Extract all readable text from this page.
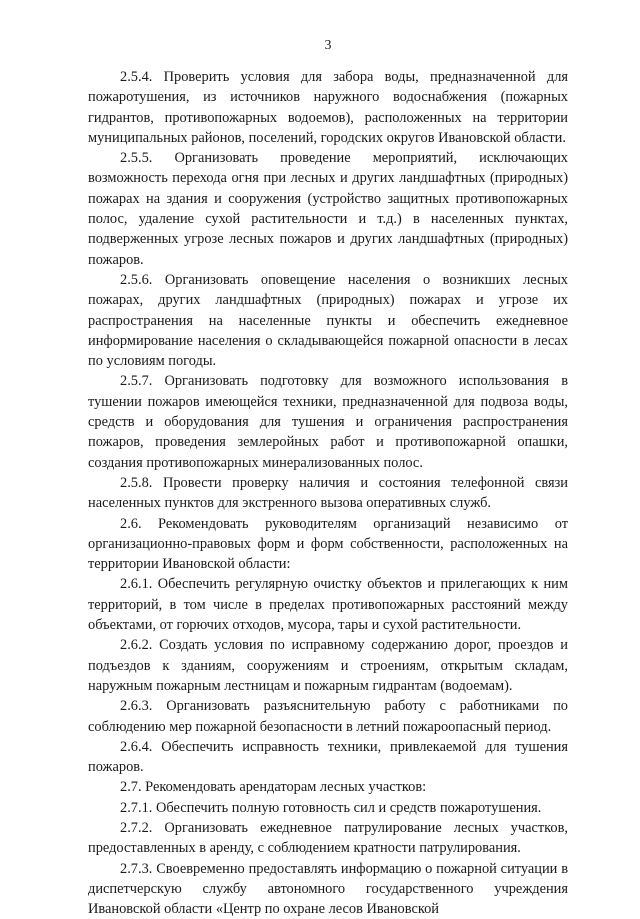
3

2.5.4. Проверить условия для забора воды, предназначенной для пожаротушения, из источников наружного водоснабжения (пожарных гидрантов, противопожарных водоемов), расположенных на территории муниципальных районов, поселений, городских округов Ивановской области.

2.5.5. Организовать проведение мероприятий, исключающих возможность перехода огня при лесных и других ландшафтных (природных) пожарах на здания и сооружения (устройство защитных противопожарных полос, удаление сухой растительности и т.д.) в населенных пунктах, подверженных угрозе лесных пожаров и других ландшафтных (природных) пожаров.

2.5.6. Организовать оповещение населения о возникших лесных пожарах, других ландшафтных (природных) пожарах и угрозе их распространения на населенные пункты и обеспечить ежедневное информирование населения о складывающейся пожарной опасности в лесах по условиям погоды.

2.5.7. Организовать подготовку для возможного использования в тушении пожаров имеющейся техники, предназначенной для подвоза воды, средств и оборудования для тушения и ограничения распространения пожаров, проведения землеройных работ и противопожарной опашки, создания противопожарных минерализованных полос.

2.5.8. Провести проверку наличия и состояния телефонной связи населенных пунктов для экстренного вызова оперативных служб.

2.6. Рекомендовать руководителям организаций независимо от организационно-правовых форм и форм собственности, расположенных на территории Ивановской области:

2.6.1. Обеспечить регулярную очистку объектов и прилегающих к ним территорий, в том числе в пределах противопожарных расстояний между объектами, от горючих отходов, мусора, тары и сухой растительности.

2.6.2. Создать условия по исправному содержанию дорог, проездов и подъездов к зданиям, сооружениям и строениям, открытым складам, наружным пожарным лестницам и пожарным гидрантам (водоемам).

2.6.3. Организовать разъяснительную работу с работниками по соблюдению мер пожарной безопасности в летний пожароопасный период.

2.6.4. Обеспечить исправность техники, привлекаемой для тушения пожаров.

2.7. Рекомендовать арендаторам лесных участков:

2.7.1. Обеспечить полную готовность сил и средств пожаротушения.

2.7.2. Организовать ежедневное патрулирование лесных участков, предоставленных в аренду, с соблюдением кратности патрулирования.

2.7.3. Своевременно предоставлять информацию о пожарной ситуации в диспетчерскую службу автономного государственного учреждения Ивановской области «Центр по охране лесов Ивановской
